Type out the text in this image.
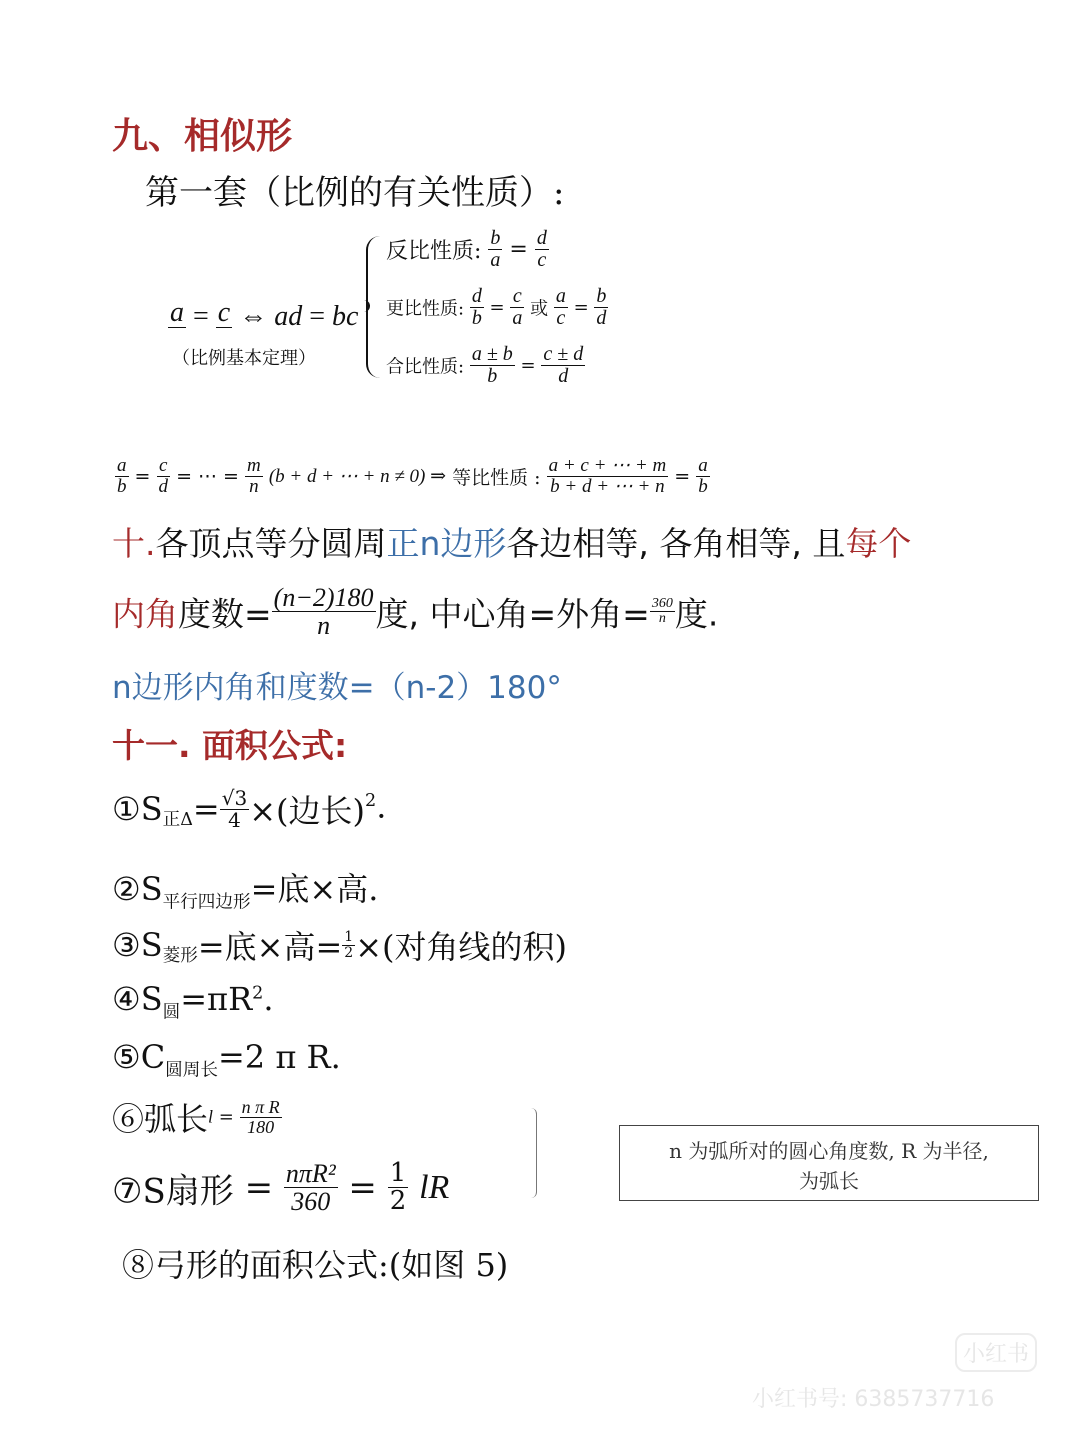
九、相似形
第一套（比例的有关性质）:
a = c ⇔ ad = bc
（比例基本定理）
反比性质: $\frac{b}{a} = \frac{d}{c}$
更比性质: $\frac{d}{b} = \frac{c}{a}$ 或 $\frac{a}{c} = \frac{b}{d}$
合比性质: $\frac{a \pm b}{b} = \frac{c \pm d}{d}$
$\frac{a}{b} = \frac{c}{d}$ = ⋯ = $\frac{m}{n} (b + d$ + ⋯ + n ≠ 0) ⇒ 等比性质 : $\frac{a + c + \cdots + m}{b + d + \cdots + n} = \frac{a}{b}$
十.各顶点等分圆周正n边形各边相等, 各角相等, 且每个
内角度数= $\frac{(n-2)180}{n}$ 度, 中心角=外角= $\frac{360}{n}$ 度.
n边形内角和度数=（n-2）180°
十一. 面积公式:
$①S_{正\Delta}= \frac{√3}{4}$ ×(边长)$^2$.
$②S_{平行四边形}=$底×高.
$③S_{菱形}=$底×高= $\frac{1}{2}$ ×(对角线的积)
$④S_圆=\pi R^2$.
$⑤C_{圆周长}=2$ π R.
⑥弧长$l = \frac{\text{n π R}}{180}$
⑦S扇形 = $\frac{\text{nπR²}}{360} = \frac{1}{2}$ lR
n 为弧所对的圆心角度数, R 为半径,
为弧长
⑧弓形的面积公式:(如图 5)
小红书
小红书号: 6385737716
